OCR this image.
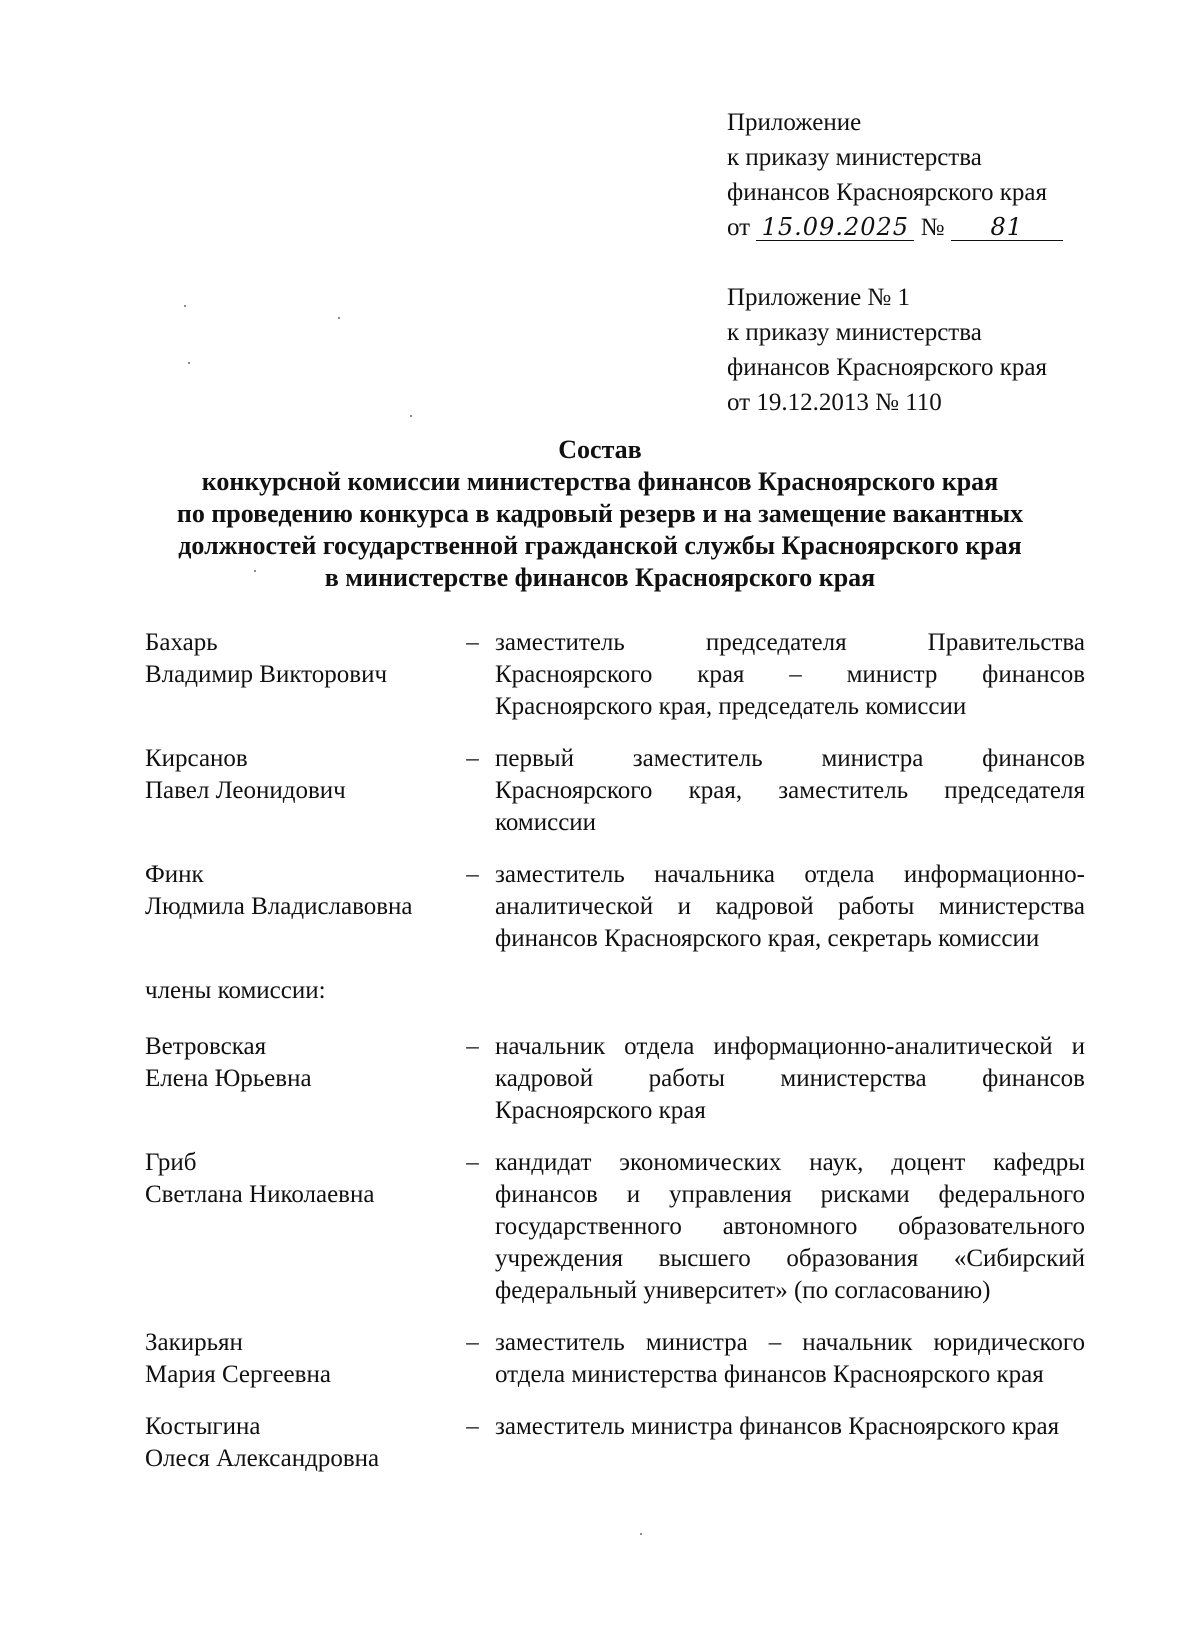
Приложение

к приказу министерства

финансов Красноярского края

от 15.09.2025 № 81

Приложение № 1

к приказу министерства

финансов Красноярского края

от 19.12.2013 № 110

Состав

конкурсной комиссии министерства финансов Красноярского края

по проведению конкурса в кадровый резерв и на замещение вакантных

должностей государственной гражданской службы Красноярского края

в министерстве финансов Красноярского края

Бахарь
Владимир Викторович
– заместитель председателя Правительства Красноярского края – министр финансов Красноярского края, председатель комиссии
Кирсанов
Павел Леонидович
– первый заместитель министра финансов Красноярского края, заместитель председателя комиссии
Финк
Людмила Владиславовна
– заместитель начальника отдела информационно-аналитической и кадровой работы министерства финансов Красноярского края, секретарь комиссии
члены комиссии:
Ветровская
Елена Юрьевна
– начальник отдела информационно-аналитической и кадровой работы министерства финансов Красноярского края
Гриб
Светлана Николаевна
– кандидат экономических наук, доцент кафедры финансов и управления рисками федерального государственного автономного образовательного учреждения высшего образования «Сибирский федеральный университет» (по согласованию)
Закирьян
Мария Сергеевна
– заместитель министра – начальник юридического отдела министерства финансов Красноярского края
Костыгина
Олеся Александровна
– заместитель министра финансов Красноярского края
